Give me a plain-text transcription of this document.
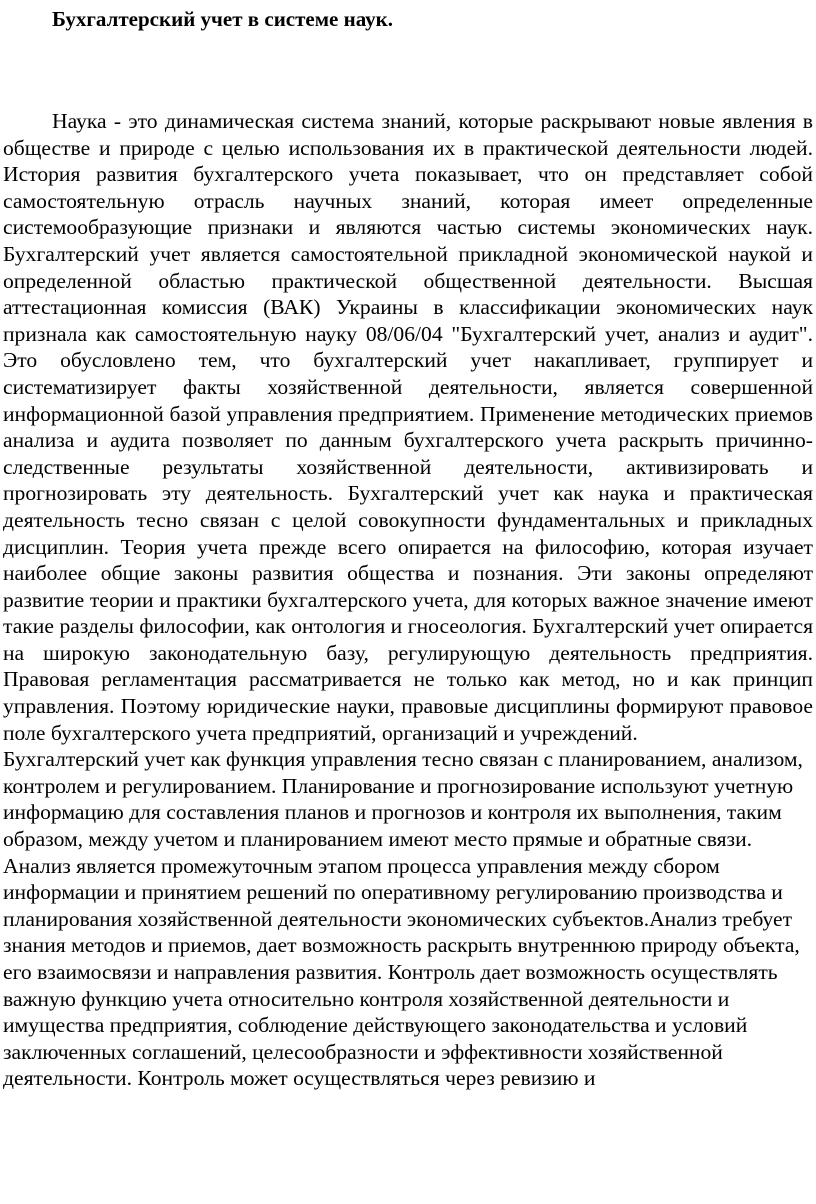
Бухгалтерский учет в системе наук.

Наука - это динамическая система знаний, которые раскрывают новые явления в обществе и природе с целью использования их в практической деятельности людей. История развития бухгалтерского учета показывает, что он представляет собой самостоятельную отрасль научных знаний, которая имеет определенные системообразующие признаки и являются частью системы экономических наук. Бухгалтерский учет является самостоятельной прикладной экономической наукой и определенной областью практической общественной деятельности. Высшая аттестационная комиссия (ВАК) Украины в классификации экономических наук признала как самостоятельную науку 08/06/04 "Бухгалтерский учет, анализ и аудит". Это обусловлено тем, что бухгалтерский учет накапливает, группирует и систематизирует факты хозяйственной деятельности, является совершенной информационной базой управления предприятием. Применение методических приемов анализа и аудита позволяет по данным бухгалтерского учета раскрыть причинно-следственные результаты хозяйственной деятельности, активизировать и прогнозировать эту деятельность. Бухгалтерский учет как наука и практическая деятельность тесно связан с целой совокупности фундаментальных и прикладных дисциплин. Теория учета прежде всего опирается на философию, которая изучает наиболее общие законы развития общества и познания. Эти законы определяют развитие теории и практики бухгалтерского учета, для которых важное значение имеют такие разделы философии, как онтология и гносеология. Бухгалтерский учет опирается на широкую законодательную базу, регулирующую деятельность предприятия. Правовая регламентация рассматривается не только как метод, но и как принцип управления. Поэтому юридические науки, правовые дисциплины формируют правовое поле бухгалтерского учета предприятий, организаций и учреждений.

Бухгалтерский учет как функция управления тесно связан с планированием, анализом, контролем и регулированием. Планирование и прогнозирование используют учетную информацию для составления планов и прогнозов и контроля их выполнения, таким образом, между учетом и планированием имеют место прямые и обратные связи. Анализ является промежуточным этапом процесса управления между сбором информации и принятием решений по оперативному регулированию производства и планирования хозяйственной деятельности экономических субъектов.Анализ требует знания методов и приемов, дает возможность раскрыть внутреннюю природу объекта, его взаимосвязи и направления развития. Контроль дает возможность осуществлять важную функцию учета относительно контроля хозяйственной деятельности и имущества предприятия, соблюдение действующего законодательства и условий заключенных соглашений, целесообразности и эффективности хозяйственной деятельности. Контроль может осуществляться через ревизию и
